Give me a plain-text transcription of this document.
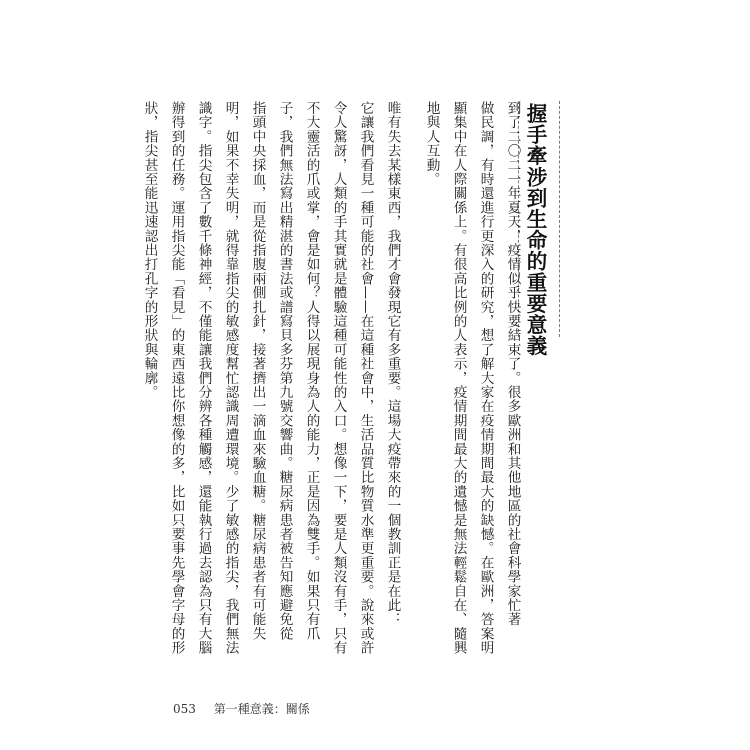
握手牽涉到生命的重要意義
到了二〇二一年夏天，疫情似乎快要結束了。很多歐洲和其他地區的社會科學家忙著
做民調，有時還進行更深入的研究，想了解大家在疫情期間最大的缺憾。在歐洲，答案明
顯集中在人際關係上。有很高比例的人表示，疫情期間最大的遺憾是無法輕鬆自在、隨興
地與人互動。
唯有失去某樣東西，我們才會發現它有多重要。這場大疫帶來的一個教訓正是在此：
它讓我們看見一種可能的社會——在這種社會中，生活品質比物質水準更重要。說來或許
令人驚訝，人類的手其實就是體驗這種可能性的入口。想像一下，要是人類沒有手，只有
不大靈活的爪或掌，會是如何？人得以展現身為人的能力，正是因為雙手。如果只有爪
子，我們無法寫出精湛的書法或譜寫貝多芬第九號交響曲。糖尿病患者被告知應避免從
指頭中央採血，而是從指腹兩側扎針，接著擠出一滴血來驗血糖。糖尿病患者有可能失
明，如果不幸失明，就得靠指尖的敏感度幫忙認識周遭環境。少了敏感的指尖，我們無法
識字。指尖包含了數千條神經，不僅能讓我們分辨各種觸感，還能執行過去認為只有大腦
辦得到的任務。運用指尖能「看見」的東西遠比你想像的多，比如只要事先學會字母的形
狀，指尖甚至能迅速認出打孔字的形狀與輪廓。
053 第一種意義：關係
